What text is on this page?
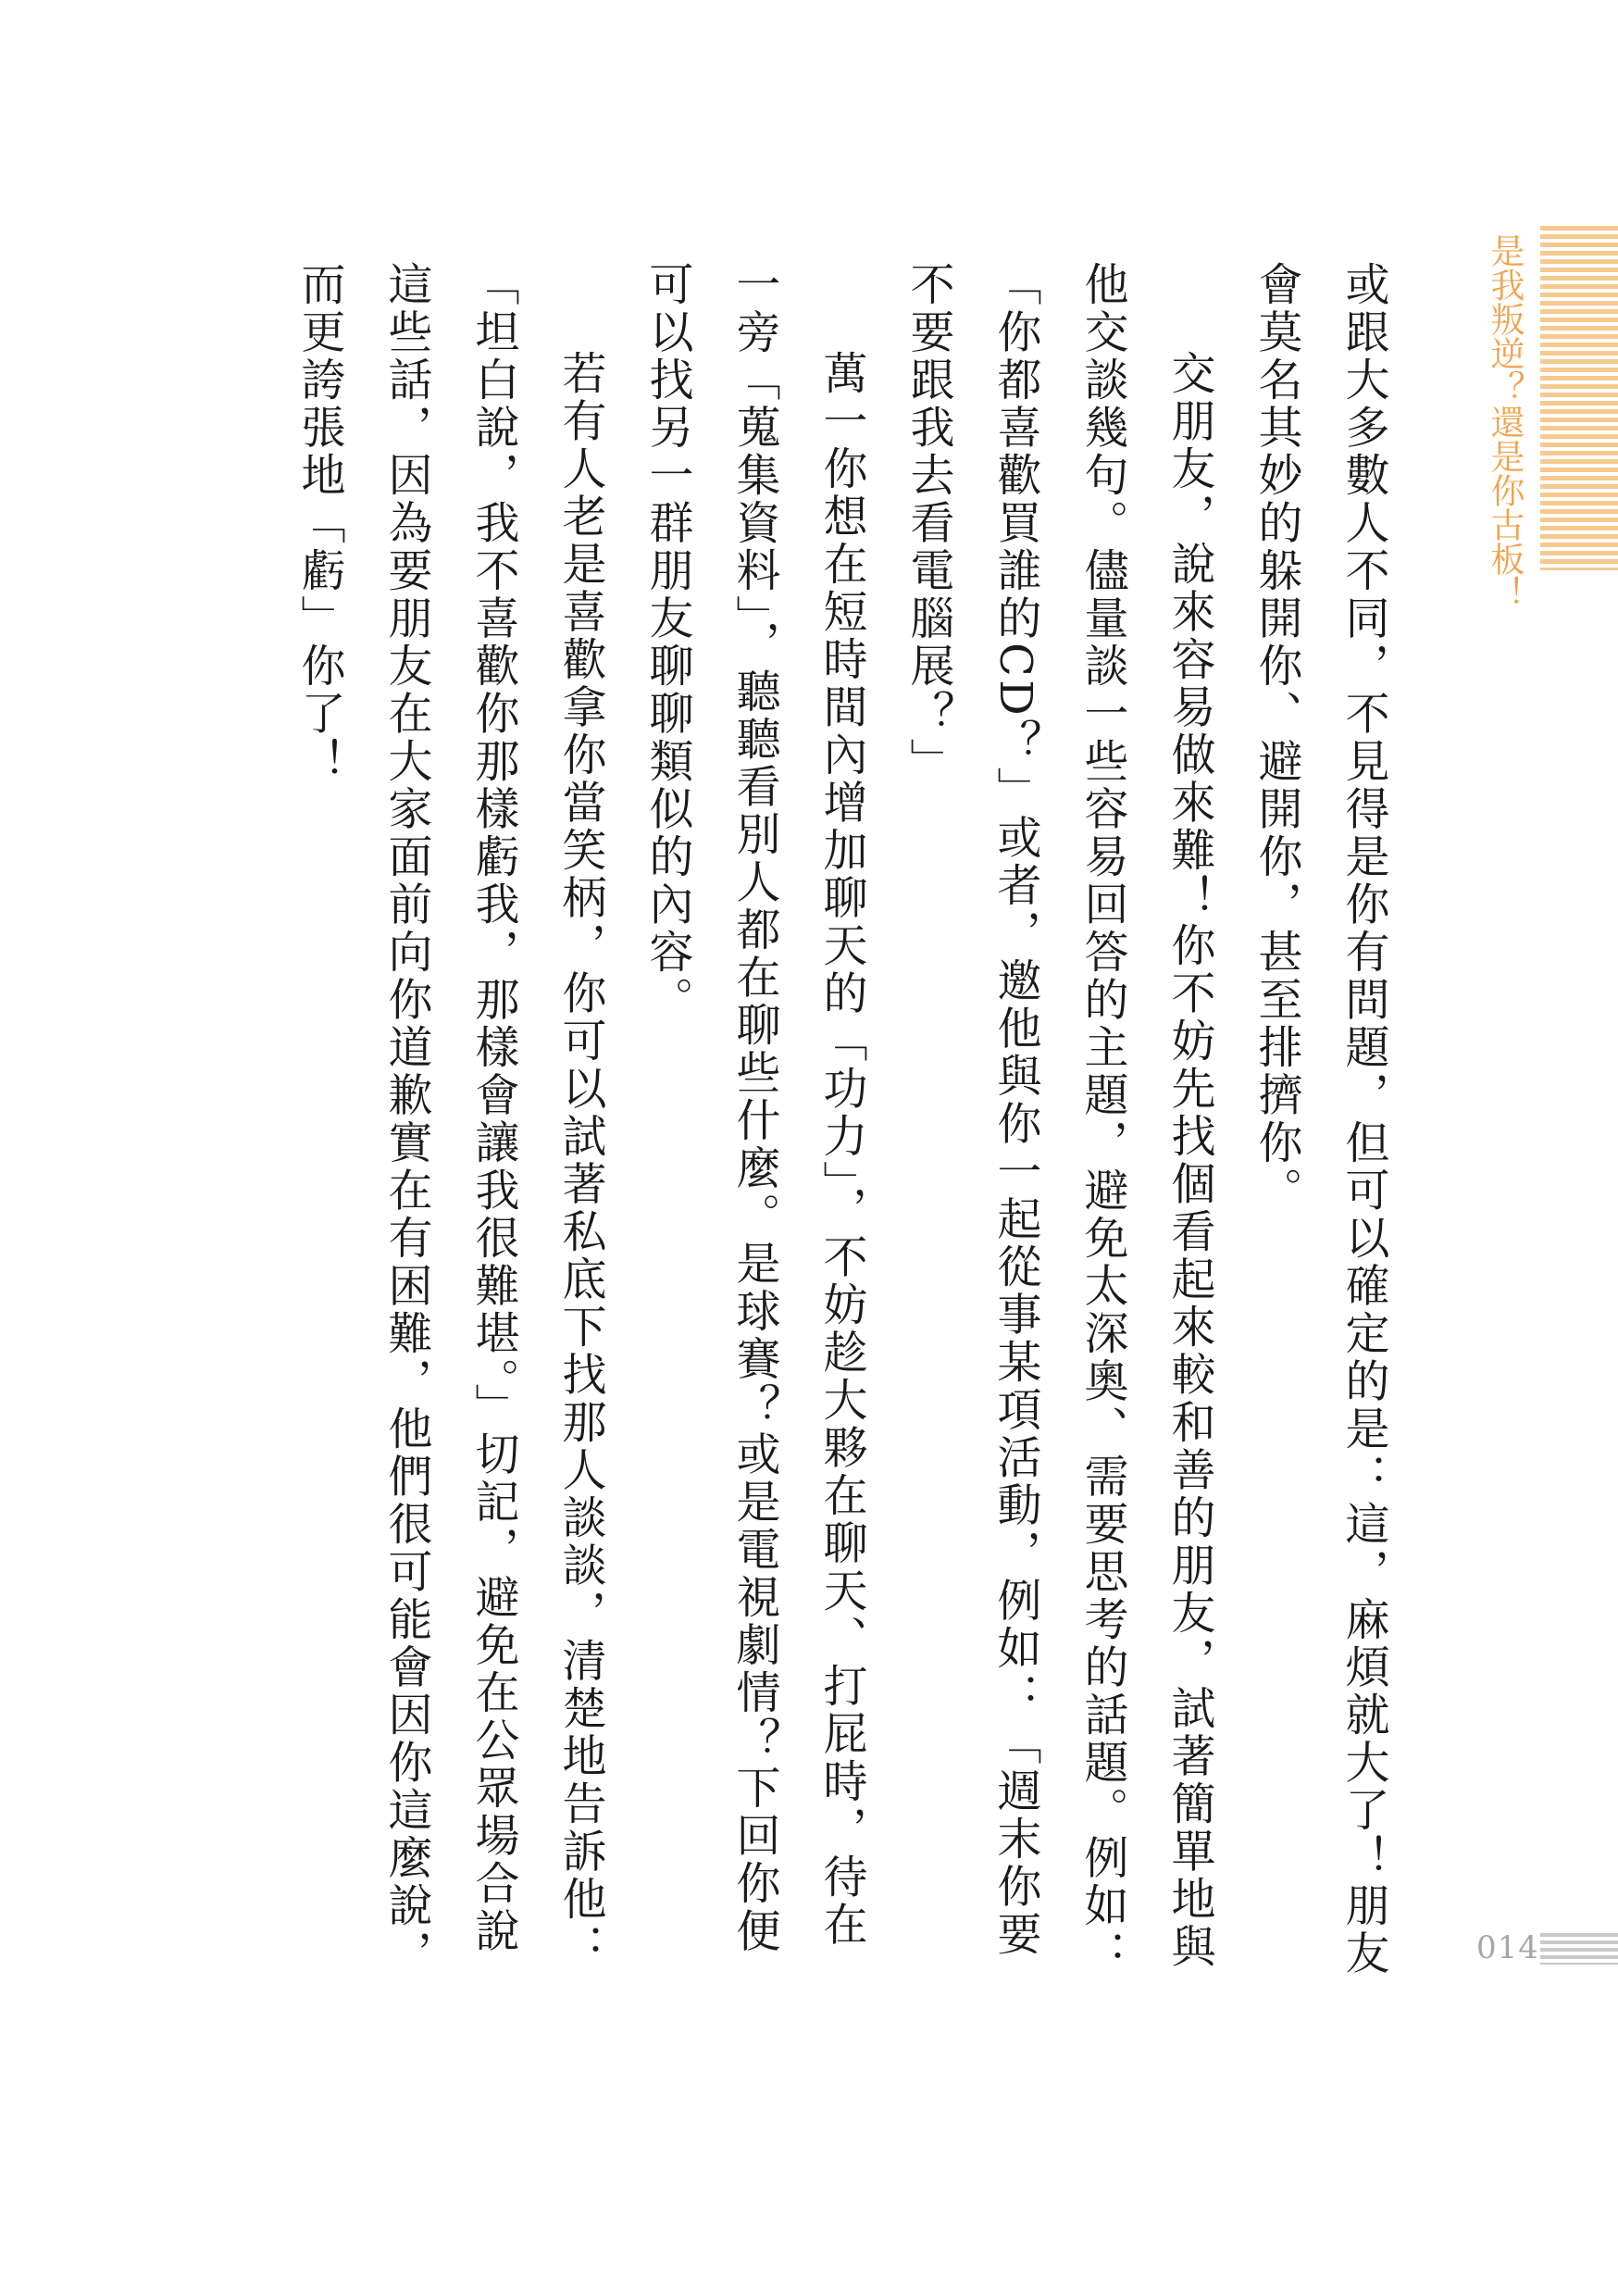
是我叛逆？還是你古板！

或跟大多數人不同，不見得是你有問題，但可以確定的是：這，麻煩就大了！朋友會莫名其妙的躲開你、避開你，甚至排擠你。

交朋友，說來容易做來難！你不妨先找個看起來較和善的朋友，試著簡單地與他交談幾句。儘量談一些容易回答的主題，避免太深奧、需要思考的話題。例如：「你都喜歡買誰的CD？」或者，邀他與你一起從事某項活動，例如：「週末你要不要跟我去看電腦展？」

萬一你想在短時間內增加聊天的「功力」，不妨趁大夥在聊天、打屁時，待在一旁「蒐集資料」，聽聽看別人都在聊些什麼。是球賽？或是電視劇情？下回你便可以找另一群朋友聊聊類似的內容。

若有人老是喜歡拿你當笑柄，你可以試著私底下找那人談談，清楚地告訴他：「坦白說，我不喜歡你那樣虧我，那樣會讓我很難堪。」切記，避免在公眾場合說這些話，因為要朋友在大家面前向你道歉實在有困難，他們很可能會因你這麼說，而更誇張地「虧」你了！

014
